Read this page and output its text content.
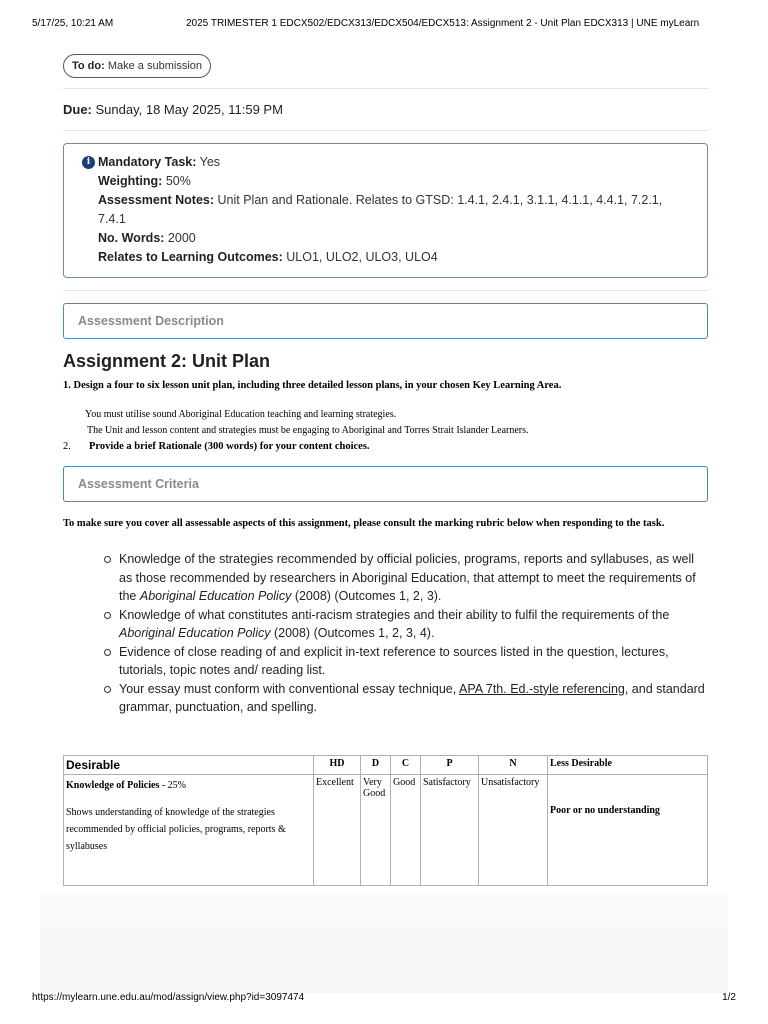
5/17/25, 10:21 AM	2025 TRIMESTER 1 EDCX502/EDCX313/EDCX504/EDCX513: Assignment 2 - Unit Plan EDCX313 | UNE myLearn
To do: Make a submission

Due: Sunday, 18 May 2025, 11:59 PM

i Mandatory Task: Yes
Weighting: 50%
Assessment Notes: Unit Plan and Rationale. Relates to GTSD: 1.4.1, 2.4.1, 3.1.1, 4.1.1, 4.4.1, 7.2.1, 7.4.1
No. Words: 2000
Relates to Learning Outcomes: ULO1, ULO2, ULO3, ULO4
Assessment Description
Assignment 2: Unit Plan

1. Design a four to six lesson unit plan, including three detailed lesson plans, in your chosen Key Learning Area.

You must utilise sound Aboriginal Education teaching and learning strategies.

The Unit and lesson content and strategies must be engaging to Aboriginal and Torres Strait Islander Learners.

2. Provide a brief Rationale (300 words) for your content choices.

Assessment Criteria

To make sure you cover all assessable aspects of this assignment, please consult the marking rubric below when responding to the task.

Knowledge of the strategies recommended by official policies, programs, reports and syllabuses, as well as those recommended by researchers in Aboriginal Education, that attempt to meet the requirements of the Aboriginal Education Policy (2008) (Outcomes 1, 2, 3).
Knowledge of what constitutes anti-racism strategies and their ability to fulfil the requirements of the Aboriginal Education Policy (2008) (Outcomes 1, 2, 3, 4).
Evidence of close reading of and explicit in-text reference to sources listed in the question, lectures, tutorials, topic notes and/ reading list.
Your essay must conform with conventional essay technique, APA 7th. Ed.-style referencing, and standard grammar, punctuation, and spelling.
Desirable	HD	D	C	P	N	Less Desirable
Knowledge of Policies - 25%
Shows understanding of knowledge of the strategies recommended by official policies, programs, reports & syllabuses	Excellent	Very Good	Good	Satisfactory	Unsatisfactory	Poor or no understanding
https://mylearn.une.edu.au/mod/assign/view.php?id=3097474	1/2
